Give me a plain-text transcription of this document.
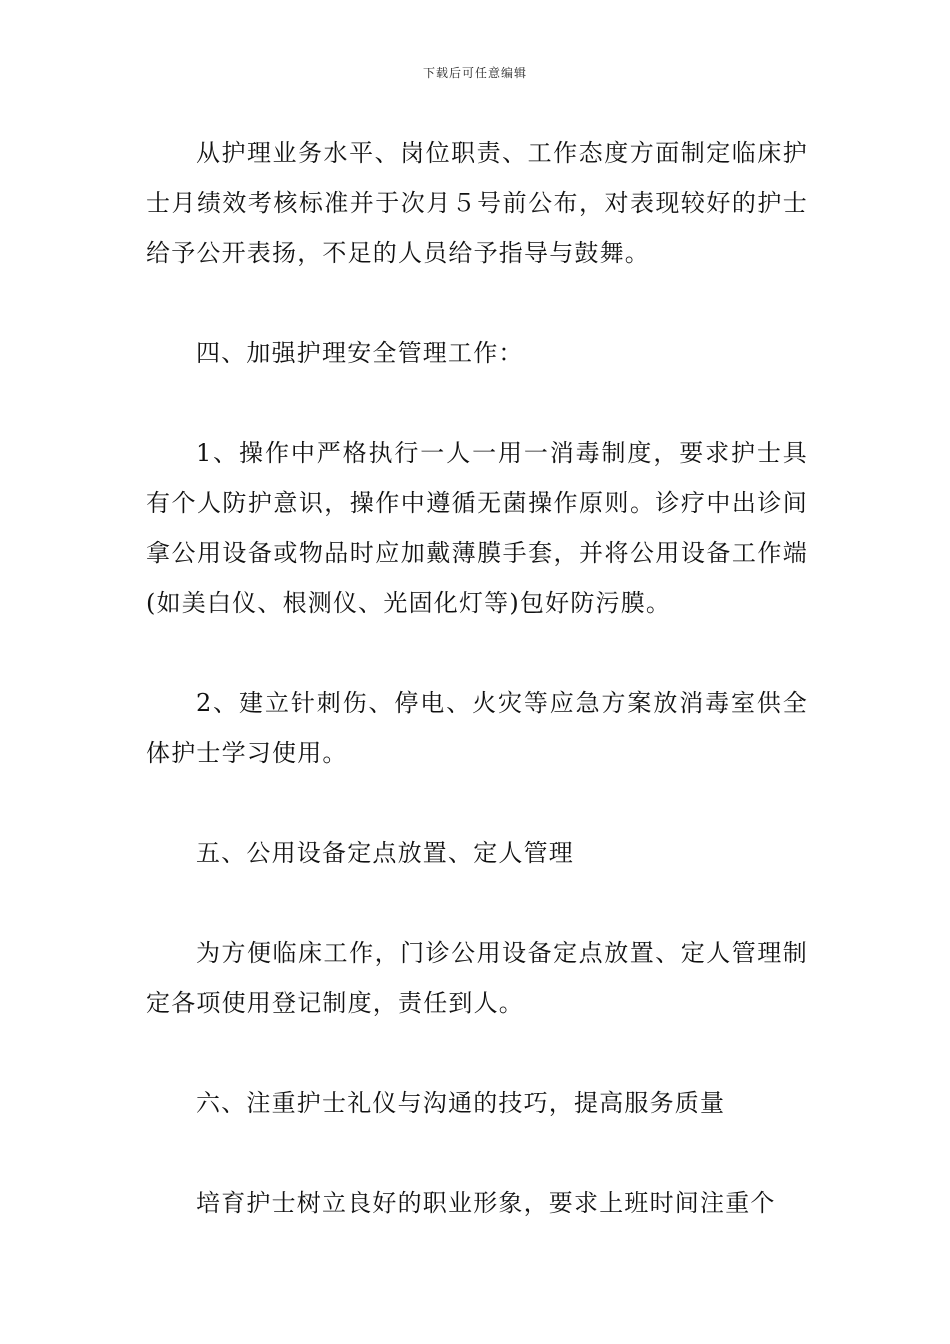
下载后可任意编辑

从护理业务水平、岗位职责、工作态度方面制定临床护士月绩效考核标准并于次月５号前公布，对表现较好的护士给予公开表扬，不足的人员给予指导与鼓舞。

四、加强护理安全管理工作：

1、操作中严格执行一人一用一消毒制度，要求护士具有个人防护意识，操作中遵循无菌操作原则。诊疗中出诊间拿公用设备或物品时应加戴薄膜手套，并将公用设备工作端(如美白仪、根测仪、光固化灯等)包好防污膜。

2、建立针刺伤、停电、火灾等应急方案放消毒室供全体护士学习使用。

五、公用设备定点放置、定人管理

为方便临床工作，门诊公用设备定点放置、定人管理制定各项使用登记制度，责任到人。

六、注重护士礼仪与沟通的技巧，提高服务质量

培育护士树立良好的职业形象，要求上班时间注重个
